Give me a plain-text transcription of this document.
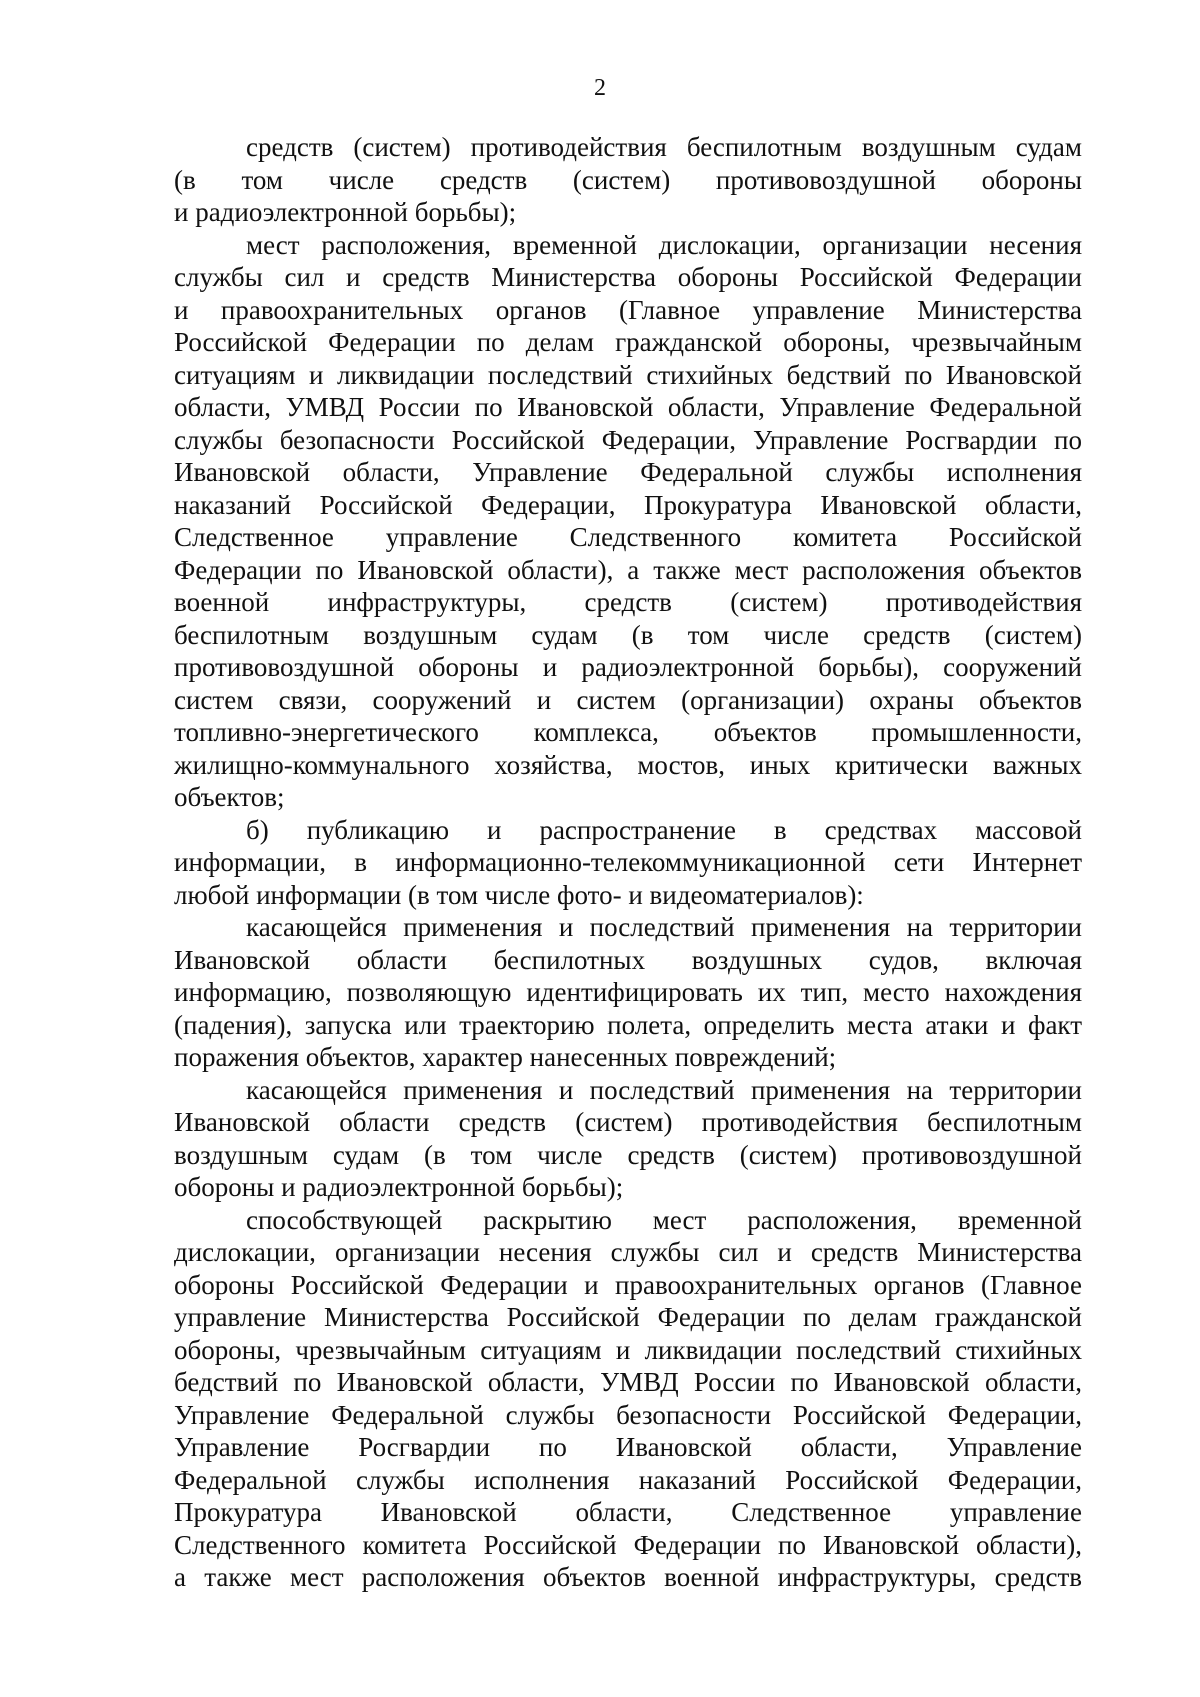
2

средств (систем) противодействия беспилотным воздушным судам
(в том числе средств (систем) противовоздушной обороны
и радиоэлектронной борьбы);

мест расположения, временной дислокации, организации несения
службы сил и средств Министерства обороны Российской Федерации
и правоохранительных органов (Главное управление Министерства
Российской Федерации по делам гражданской обороны, чрезвычайным
ситуациям и ликвидации последствий стихийных бедствий по Ивановской
области, УМВД России по Ивановской области, Управление Федеральной
службы безопасности Российской Федерации, Управление Росгвардии по
Ивановской области, Управление Федеральной службы исполнения
наказаний Российской Федерации, Прокуратура Ивановской области,
Следственное управление Следственного комитета Российской
Федерации по Ивановской области), а также мест расположения объектов
военной инфраструктуры, средств (систем) противодействия
беспилотным воздушным судам (в том числе средств (систем)
противовоздушной обороны и радиоэлектронной борьбы), сооружений
систем связи, сооружений и систем (организации) охраны объектов
топливно-энергетического комплекса, объектов промышленности,
жилищно-коммунального хозяйства, мостов, иных критически важных
объектов;

б) публикацию и распространение в средствах массовой
информации, в информационно-телекоммуникационной сети Интернет
любой информации (в том числе фото- и видеоматериалов):

касающейся применения и последствий применения на территории
Ивановской области беспилотных воздушных судов, включая
информацию, позволяющую идентифицировать их тип, место нахождения
(падения), запуска или траекторию полета, определить места атаки и факт
поражения объектов, характер нанесенных повреждений;

касающейся применения и последствий применения на территории
Ивановской области средств (систем) противодействия беспилотным
воздушным судам (в том числе средств (систем) противовоздушной
обороны и радиоэлектронной борьбы);

способствующей раскрытию мест расположения, временной
дислокации, организации несения службы сил и средств Министерства
обороны Российской Федерации и правоохранительных органов (Главное
управление Министерства Российской Федерации по делам гражданской
обороны, чрезвычайным ситуациям и ликвидации последствий стихийных
бедствий по Ивановской области, УМВД России по Ивановской области,
Управление Федеральной службы безопасности Российской Федерации,
Управление Росгвардии по Ивановской области, Управление
Федеральной службы исполнения наказаний Российской Федерации,
Прокуратура Ивановской области, Следственное управление
Следственного комитета Российской Федерации по Ивановской области),
а также мест расположения объектов военной инфраструктуры, средств
